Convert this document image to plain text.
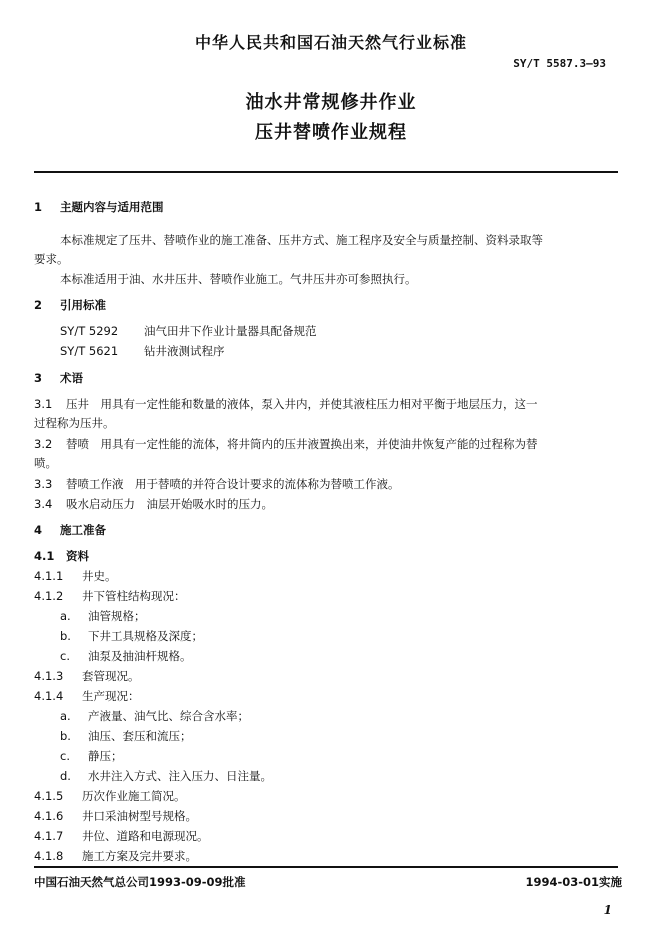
中华人民共和国石油天然气行业标准
SY/T 5587.3—93
油水井常规修井作业
压井替喷作业规程
1 主题内容与适用范围
本标准规定了压井、替喷作业的施工准备、压井方式、施工程序及安全与质量控制、资料录取等
要求。
本标准适用于油、水井压井、替喷作业施工。气井压井亦可参照执行。
2 引用标准
SY/T 5292 油气田井下作业计量器具配备规范
SY/T 5621 钻井液测试程序
3 术语
3.1 压井　用具有一定性能和数量的液体，泵入井内，并使其液柱压力相对平衡于地层压力，这一
过程称为压井。
3.2 替喷　用具有一定性能的流体，将井筒内的压井液置换出来，并使油井恢复产能的过程称为替
喷。
3.3 替喷工作液　用于替喷的并符合设计要求的流体称为替喷工作液。
3.4 吸水启动压力　油层开始吸水时的压力。
4 施工准备
4.1 资料
4.1.1 井史。
4.1.2 井下管柱结构现况：
a. 油管规格；
b. 下井工具规格及深度；
c. 油泵及抽油杆规格。
4.1.3 套管现况。
4.1.4 生产现况：
a. 产液量、油气比、综合含水率；
b. 油压、套压和流压；
c. 静压；
d. 水井注入方式、注入压力、日注量。
4.1.5 历次作业施工简况。
4.1.6 井口采油树型号规格。
4.1.7 井位、道路和电源现况。
4.1.8 施工方案及完井要求。
中国石油天然气总公司1993-09-09批准	1994-03-01实施
1
